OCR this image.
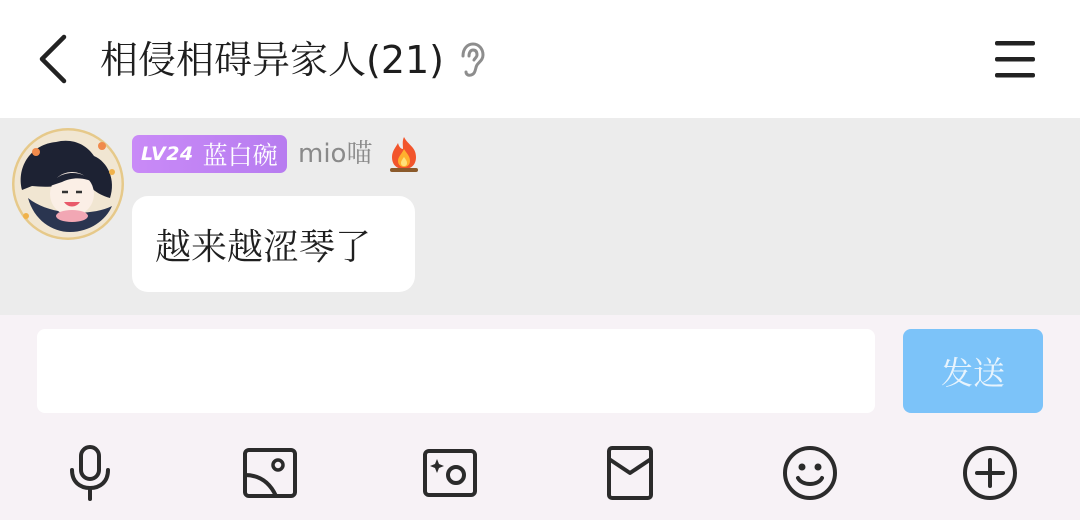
相侵相碍异家人(21)
LV24 蓝白碗 mio喵
越来越涩琴了
发送
